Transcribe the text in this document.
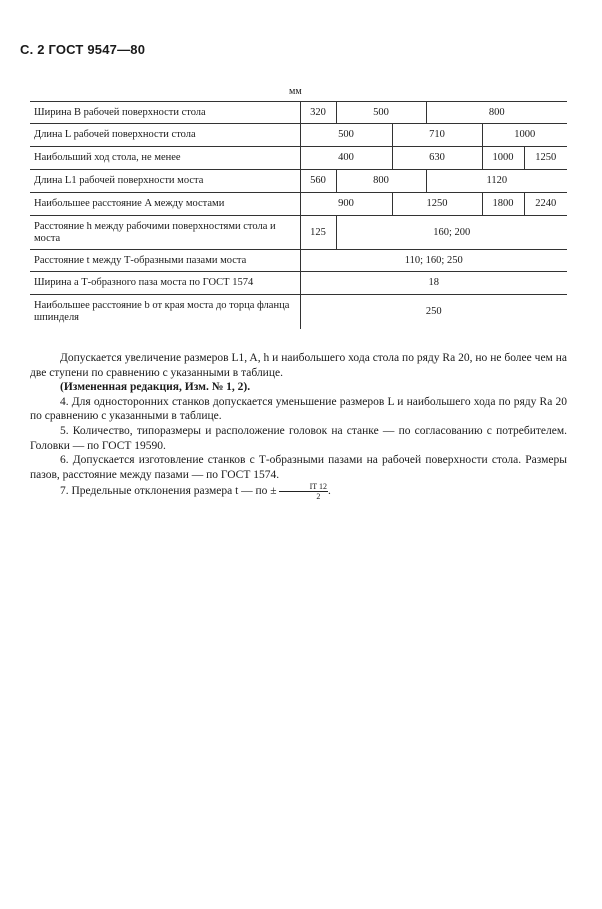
С. 2 ГОСТ 9547—80
мм
Ширина B рабочей поверхности стола	320	500		800		
Длина L рабочей поверхности стола	500		710		1000	
Наибольший ход стола, не менее	400		630		1000	1250
Длина L1 рабочей поверхности моста	560	800		1120		
Наибольшее расстояние A между мостами	900		1250		1800	2240
Расстояние h между рабочими поверхностями стола и моста	125	160; 200				
Расстояние t между Т-образными пазами моста	110; 160; 250					
Ширина a Т-образного паза моста по ГОСТ 1574	18					
Наибольшее расстояние b от края моста до торца фланца шпинделя	250					

Допускается увеличение размеров L1, A, h и наибольшего хода стола по ряду Ra 20, но не более чем на две ступени по сравнению с указанными в таблице.

(Измененная редакция, Изм. № 1, 2).

4. Для односторонних станков допускается уменьшение размеров L и наибольшего хода по ряду Ra 20 по сравнению с указанными в таблице.

5. Количество, типоразмеры и расположение головок на станке — по согласованию с потребителем. Головки — по ГОСТ 19590.

6. Допускается изготовление станков с Т-образными пазами на рабочей поверхности стола. Размеры пазов, расстояние между пазами — по ГОСТ 1574.

7. Предельные отклонения размера t — по ± $\frac{IT 12}{2}$ .
